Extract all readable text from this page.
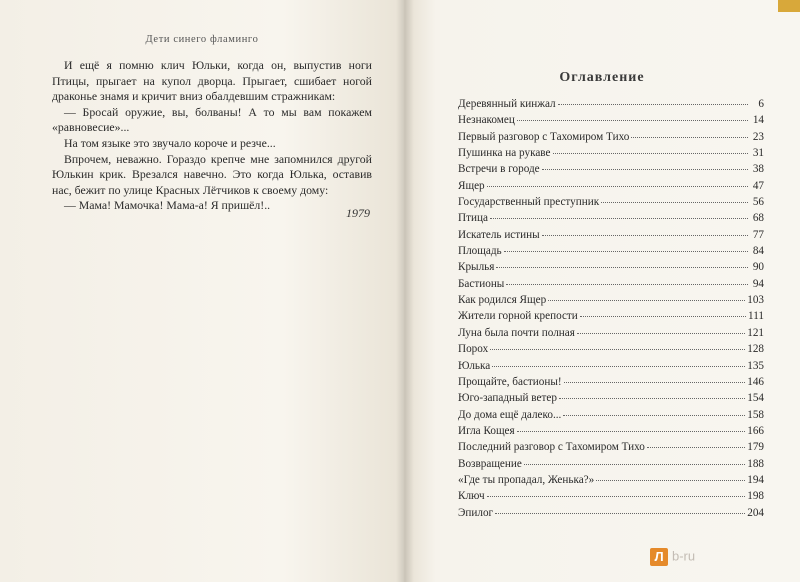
Дети синего фламинго

И ещё я помню клич Юльки, когда он, выпустив ноги Птицы, прыгает на купол дворца. Прыгает, сшибает ногой драконье знамя и кричит вниз обалдевшим стражникам:

— Бросай оружие, вы, болваны! А то мы вам покажем «равновесие»...

На том языке это звучало короче и резче...

Впрочем, неважно. Гораздо крепче мне запомнился другой Юлькин крик. Врезался навечно. Это когда Юлька, оставив нас, бежит по улице Красных Лётчиков к своему дому:

— Мама! Мамочка! Мама-а! Я пришёл!..

1979
Оглавление
Деревянный кинжал	6
Незнакомец	14
Первый разговор с Тахомиром Тихо	23
Пушинка на рукаве	31
Встречи в городе	38
Ящер	47
Государственный преступник	56
Птица	68
Искатель истины	77
Площадь	84
Крылья	90
Бастионы	94
Как родился Ящер	103
Жители горной крепости	111
Луна была почти полная	121
Порох	128
Юлька	135
Прощайте, бастионы!	146
Юго-западный ветер	154
До дома ещё далеко...	158
Игла Кощея	166
Последний разговор с Тахомиром Тихо	179
Возвращение	188
«Где ты пропадал, Женька?»	194
Ключ	198
Эпилог	204
Л b-ru
